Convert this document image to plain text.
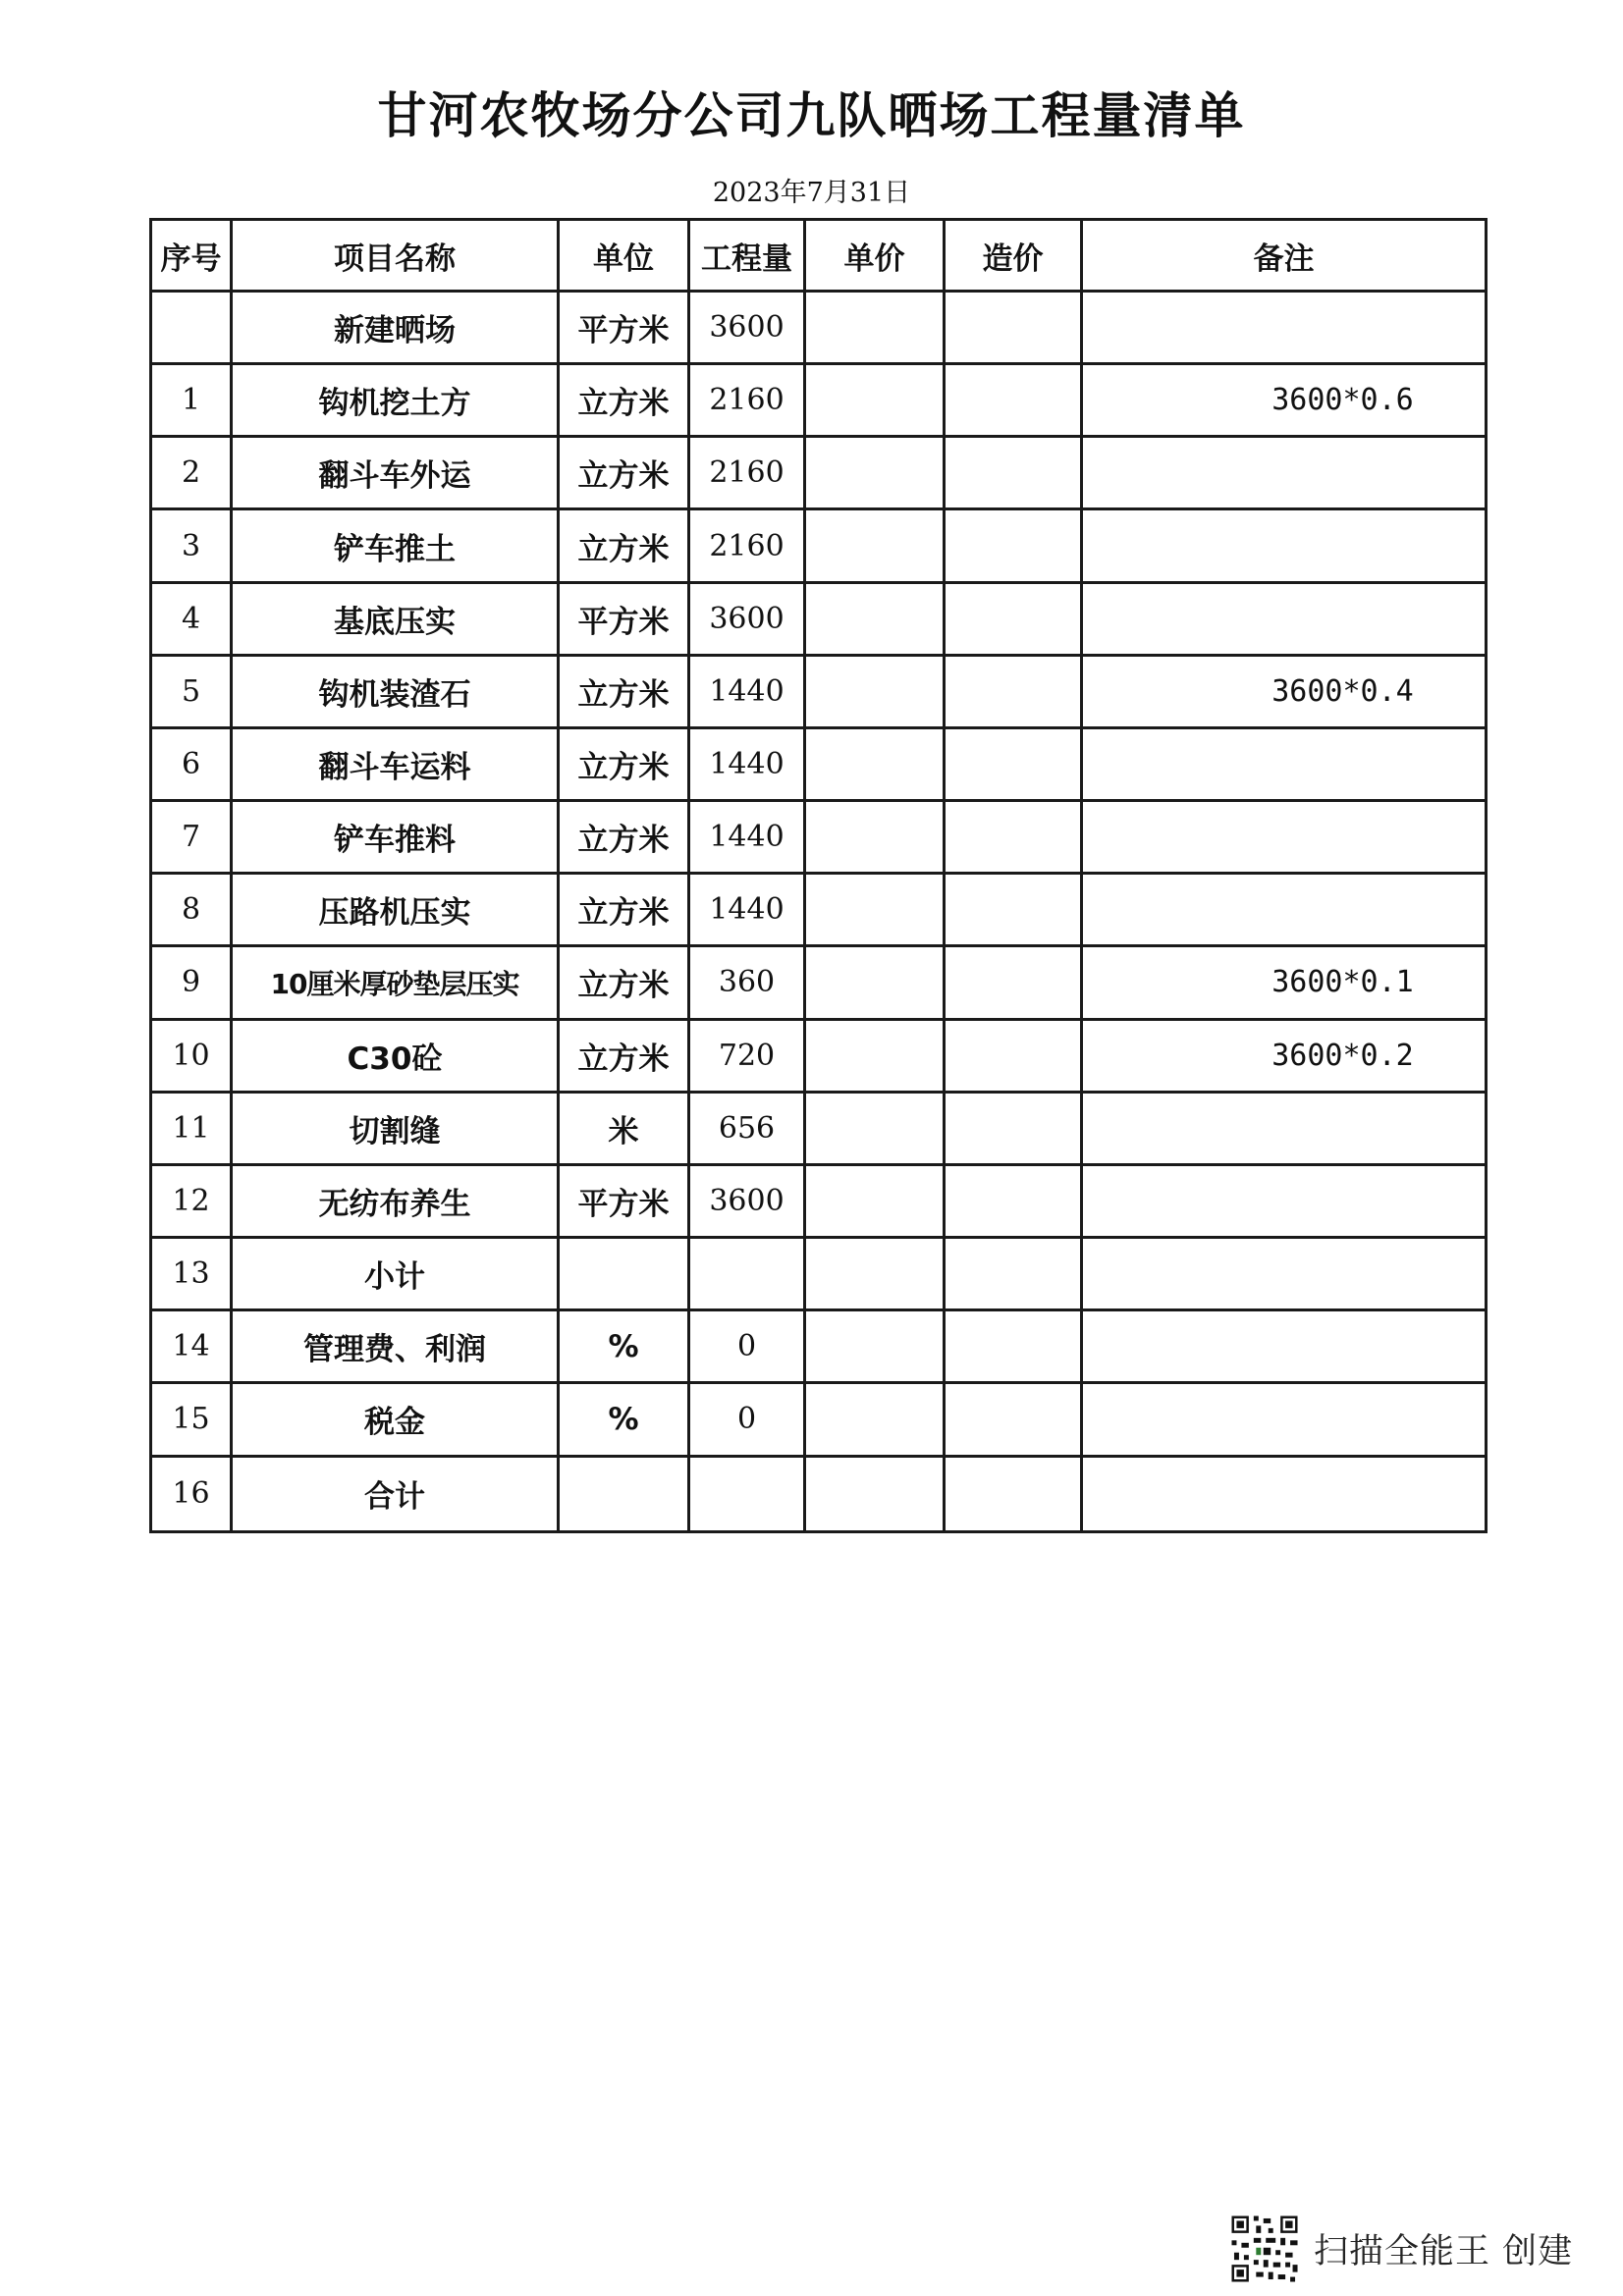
甘河农牧场分公司九队晒场工程量清单
2023年7月31日
序号	项目名称	单位	工程量	单价	造价	备注
	新建晒场	平方米	3600			
1	钩机挖土方	立方米	2160			3600*0.6
2	翻斗车外运	立方米	2160			
3	铲车推土	立方米	2160			
4	基底压实	平方米	3600			
5	钩机装渣石	立方米	1440			3600*0.4
6	翻斗车运料	立方米	1440			
7	铲车推料	立方米	1440			
8	压路机压实	立方米	1440			
9	10厘米厚砂垫层压实	立方米	360			3600*0.1
10	C30砼	立方米	720			3600*0.2
11	切割缝	米	656			
12	无纺布养生	平方米	3600			
13	小计					
14	管理费、利润	%	0			
15	税金	%	0			
16	合计					
扫描全能王 创建
